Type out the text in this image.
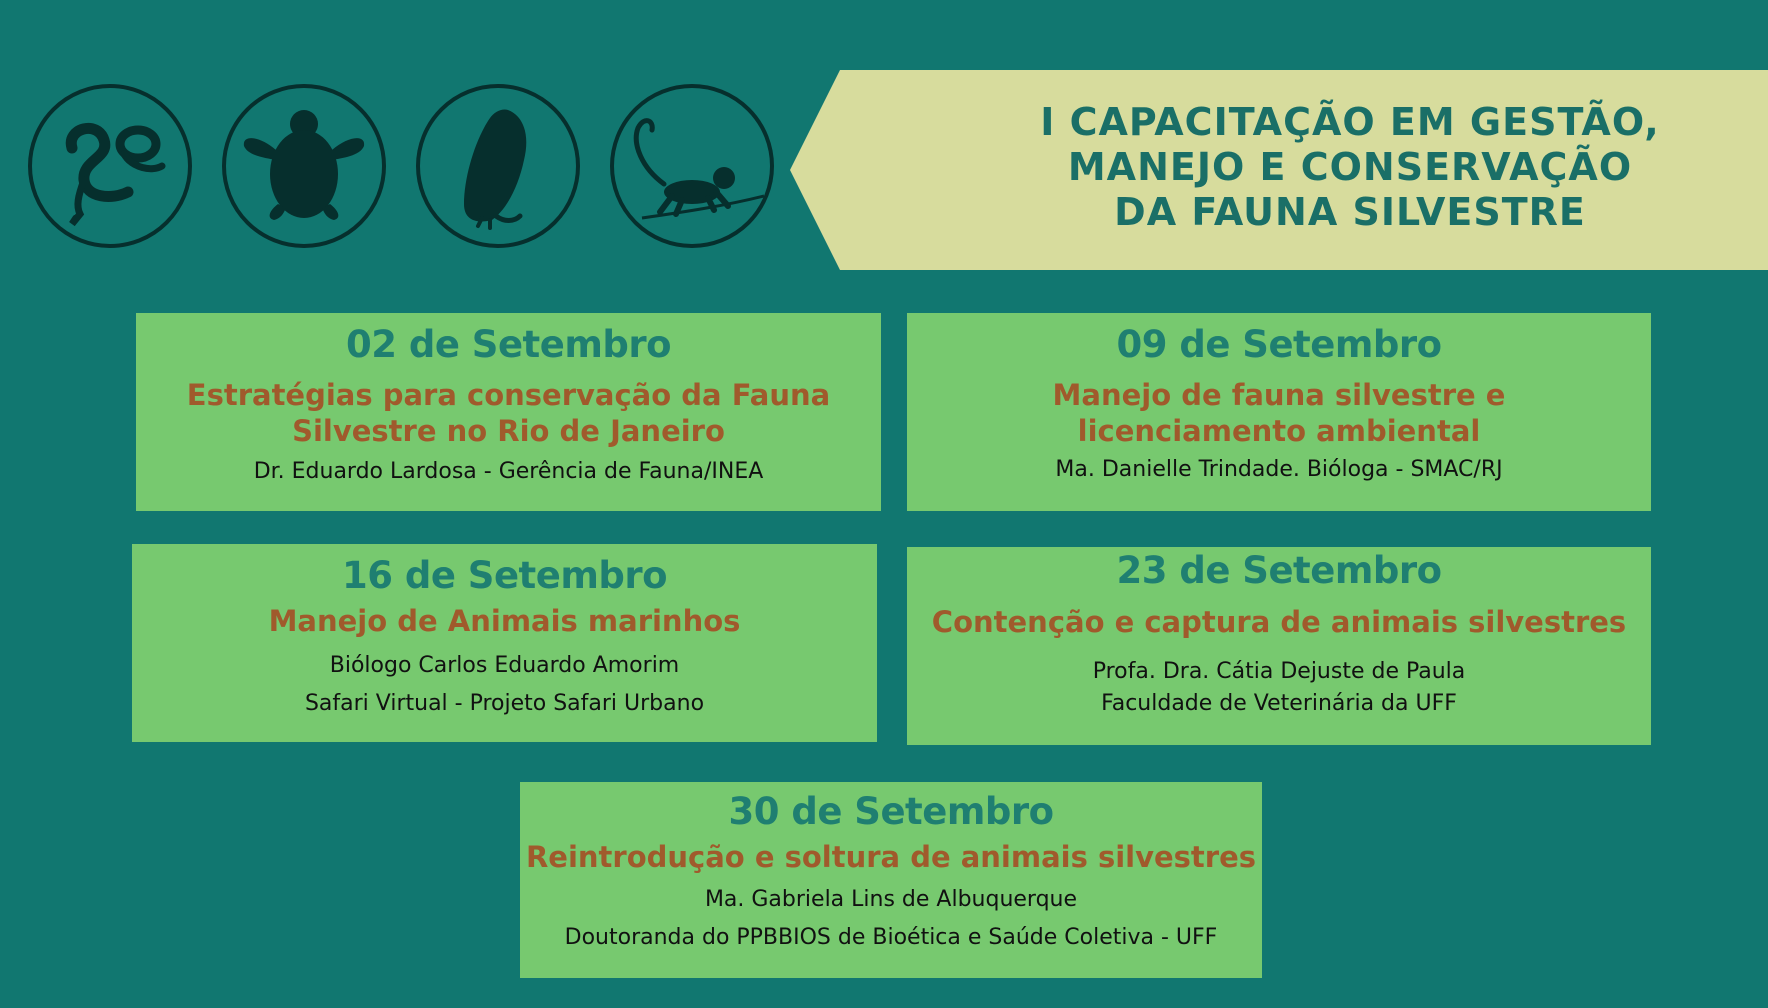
I CAPACITAÇÃO EM GESTÃO,
MANEJO E CONSERVAÇÃO
DA FAUNA SILVESTRE

02 de Setembro

Estratégias para conservação da Fauna
Silvestre no Rio de Janeiro

Dr. Eduardo Lardosa - Gerência de Fauna/INEA

09 de Setembro

Manejo de fauna silvestre e
licenciamento ambiental

Ma. Danielle Trindade. Bióloga - SMAC/RJ

16 de Setembro

Manejo de Animais marinhos

Biólogo Carlos Eduardo Amorim
Safari Virtual - Projeto Safari Urbano

23 de Setembro

Contenção e captura de animais silvestres

Profa. Dra. Cátia Dejuste de Paula
Faculdade de Veterinária da UFF

30 de Setembro

Reintrodução e soltura de animais silvestres

Ma. Gabriela Lins de Albuquerque
Doutoranda do PPBBIOS de Bioética e Saúde Coletiva - UFF
